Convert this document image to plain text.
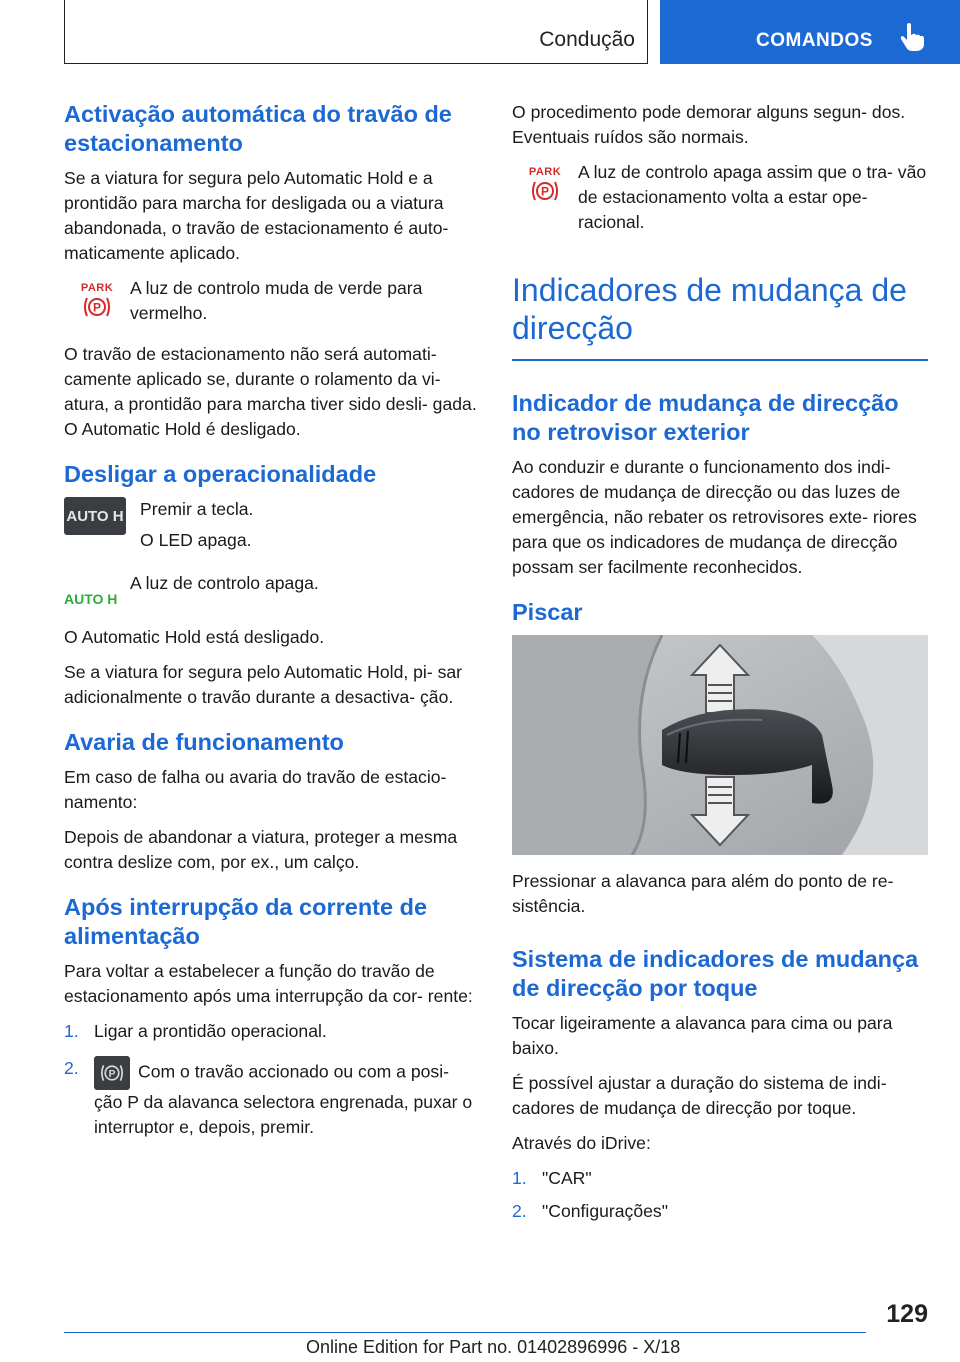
Condução	COMANDOS
Activação automática do travão de estacionamento

Se a viatura for segura pelo Automatic Hold e a prontidão para marcha for desligada ou a viatura abandonada, o travão de estacionamento é auto- maticamente aplicado.

PARK
P

A luz de controlo muda de verde para vermelho.

O travão de estacionamento não será automati- camente aplicado se, durante o rolamento da vi- atura, a prontidão para marcha tiver sido desli- gada. O Automatic Hold é desligado.

Desligar a operacionalidade
AUTO H Premir a tecla.

O LED apaga.

AUTO H

A luz de controlo apaga.

O Automatic Hold está desligado.

Se a viatura for segura pelo Automatic Hold, pi- sar adicionalmente o travão durante a desactiva- ção.

Avaria de funcionamento

Em caso de falha ou avaria do travão de estacio- namento:

Depois de abandonar a viatura, proteger a mesma contra deslize com, por ex., um calço.

Após interrupção da corrente de alimentação

Para voltar a estabelecer a função do travão de estacionamento após uma interrupção da cor- rente:

1. Ligar a prontidão operacional.
2.	P Com o travão accionado ou com a posi- ção P da alavanca selectora engrenada, puxar o interruptor e, depois, premir.

O procedimento pode demorar alguns segun- dos. Eventuais ruídos são normais.

PARK
P

A luz de controlo apaga assim que o tra- vão de estacionamento volta a estar ope- racional.

Indicadores de mudança de direcção
Indicador de mudança de direcção no retrovisor exterior

Ao conduzir e durante o funcionamento dos indi- cadores de mudança de direcção ou das luzes de emergência, não rebater os retrovisores exte- riores para que os indicadores de mudança de direcção possam ser facilmente reconhecidos.

Piscar

Pressionar a alavanca para além do ponto de re- sistência.

Sistema de indicadores de mudança de direcção por toque

Tocar ligeiramente a alavanca para cima ou para baixo.

É possível ajustar a duração do sistema de indi- cadores de mudança de direcção por toque.

Através do iDrive:

1. "CAR"
2. "Configurações"
129
Online Edition for Part no. 01402896996 - X/18
